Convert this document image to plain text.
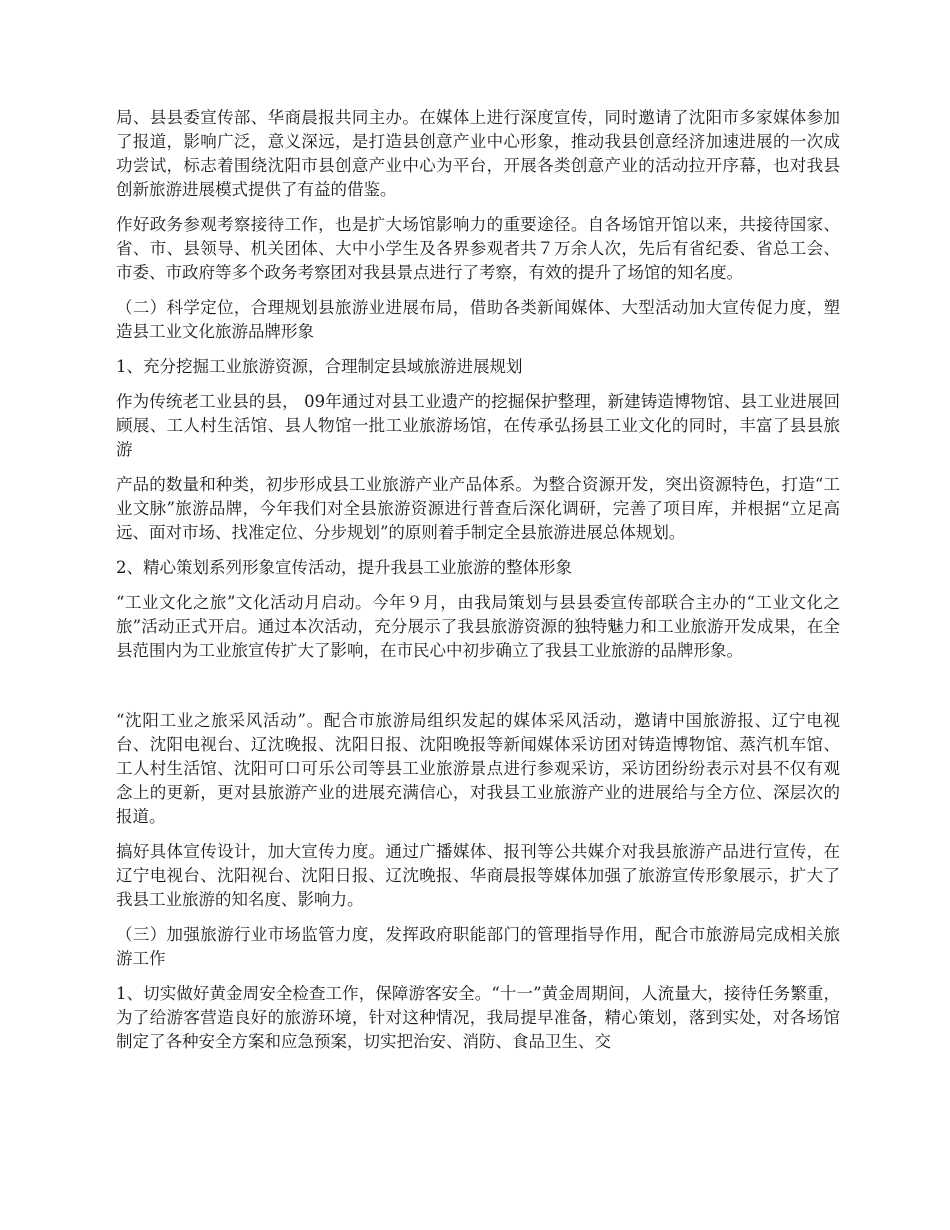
局、县县委宣传部、华商晨报共同主办。在媒体上进行深度宣传，同时邀请了沈阳市多家媒体参加了报道，影响广泛，意义深远，是打造县创意产业中心形象，推动我县创意经济加速进展的一次成功尝试，标志着围绕沈阳市县创意产业中心为平台，开展各类创意产业的活动拉开序幕，也对我县创新旅游进展模式提供了有益的借鉴。

作好政务参观考察接待工作，也是扩大场馆影响力的重要途径。自各场馆开馆以来，共接待国家、省、市、县领导、机关团体、大中小学生及各界参观者共７万余人次，先后有省纪委、省总工会、市委、市政府等多个政务考察团对我县景点进行了考察，有效的提升了场馆的知名度。

（二）科学定位，合理规划县旅游业进展布局，借助各类新闻媒体、大型活动加大宣传促力度，塑造县工业文化旅游品牌形象

1、充分挖掘工业旅游资源，合理制定县域旅游进展规划

作为传统老工业县的县， 09年通过对县工业遗产的挖掘保护整理，新建铸造博物馆、县工业进展回顾展、工人村生活馆、县人物馆一批工业旅游场馆，在传承弘扬县工业文化的同时，丰富了县县旅游

产品的数量和种类，初步形成县工业旅游产业产品体系。为整合资源开发，突出资源特色，打造“工业文脉”旅游品牌，今年我们对全县旅游资源进行普查后深化调研，完善了项目库，并根据“立足高远、面对市场、找准定位、分步规划”的原则着手制定全县旅游进展总体规划。

2、精心策划系列形象宣传活动，提升我县工业旅游的整体形象

“工业文化之旅”文化活动月启动。今年９月，由我局策划与县县委宣传部联合主办的“工业文化之旅”活动正式开启。通过本次活动，充分展示了我县旅游资源的独特魅力和工业旅游开发成果，在全县范围内为工业旅宣传扩大了影响，在市民心中初步确立了我县工业旅游的品牌形象。

“沈阳工业之旅采风活动”。配合市旅游局组织发起的媒体采风活动，邀请中国旅游报、辽宁电视台、沈阳电视台、辽沈晚报、沈阳日报、沈阳晚报等新闻媒体采访团对铸造博物馆、蒸汽机车馆、工人村生活馆、沈阳可口可乐公司等县工业旅游景点进行参观采访，采访团纷纷表示对县不仅有观念上的更新，更对县旅游产业的进展充满信心，对我县工业旅游产业的进展给与全方位、深层次的报道。

搞好具体宣传设计，加大宣传力度。通过广播媒体、报刊等公共媒介对我县旅游产品进行宣传，在辽宁电视台、沈阳视台、沈阳日报、辽沈晚报、华商晨报等媒体加强了旅游宣传形象展示，扩大了我县工业旅游的知名度、影响力。

（三）加强旅游行业市场监管力度，发挥政府职能部门的管理指导作用，配合市旅游局完成相关旅游工作

1、切实做好黄金周安全检查工作，保障游客安全。“十一”黄金周期间，人流量大，接待任务繁重，为了给游客营造良好的旅游环境，针对这种情况，我局提早准备，精心策划，落到实处，对各场馆制定了各种安全方案和应急预案，切实把治安、消防、食品卫生、交
